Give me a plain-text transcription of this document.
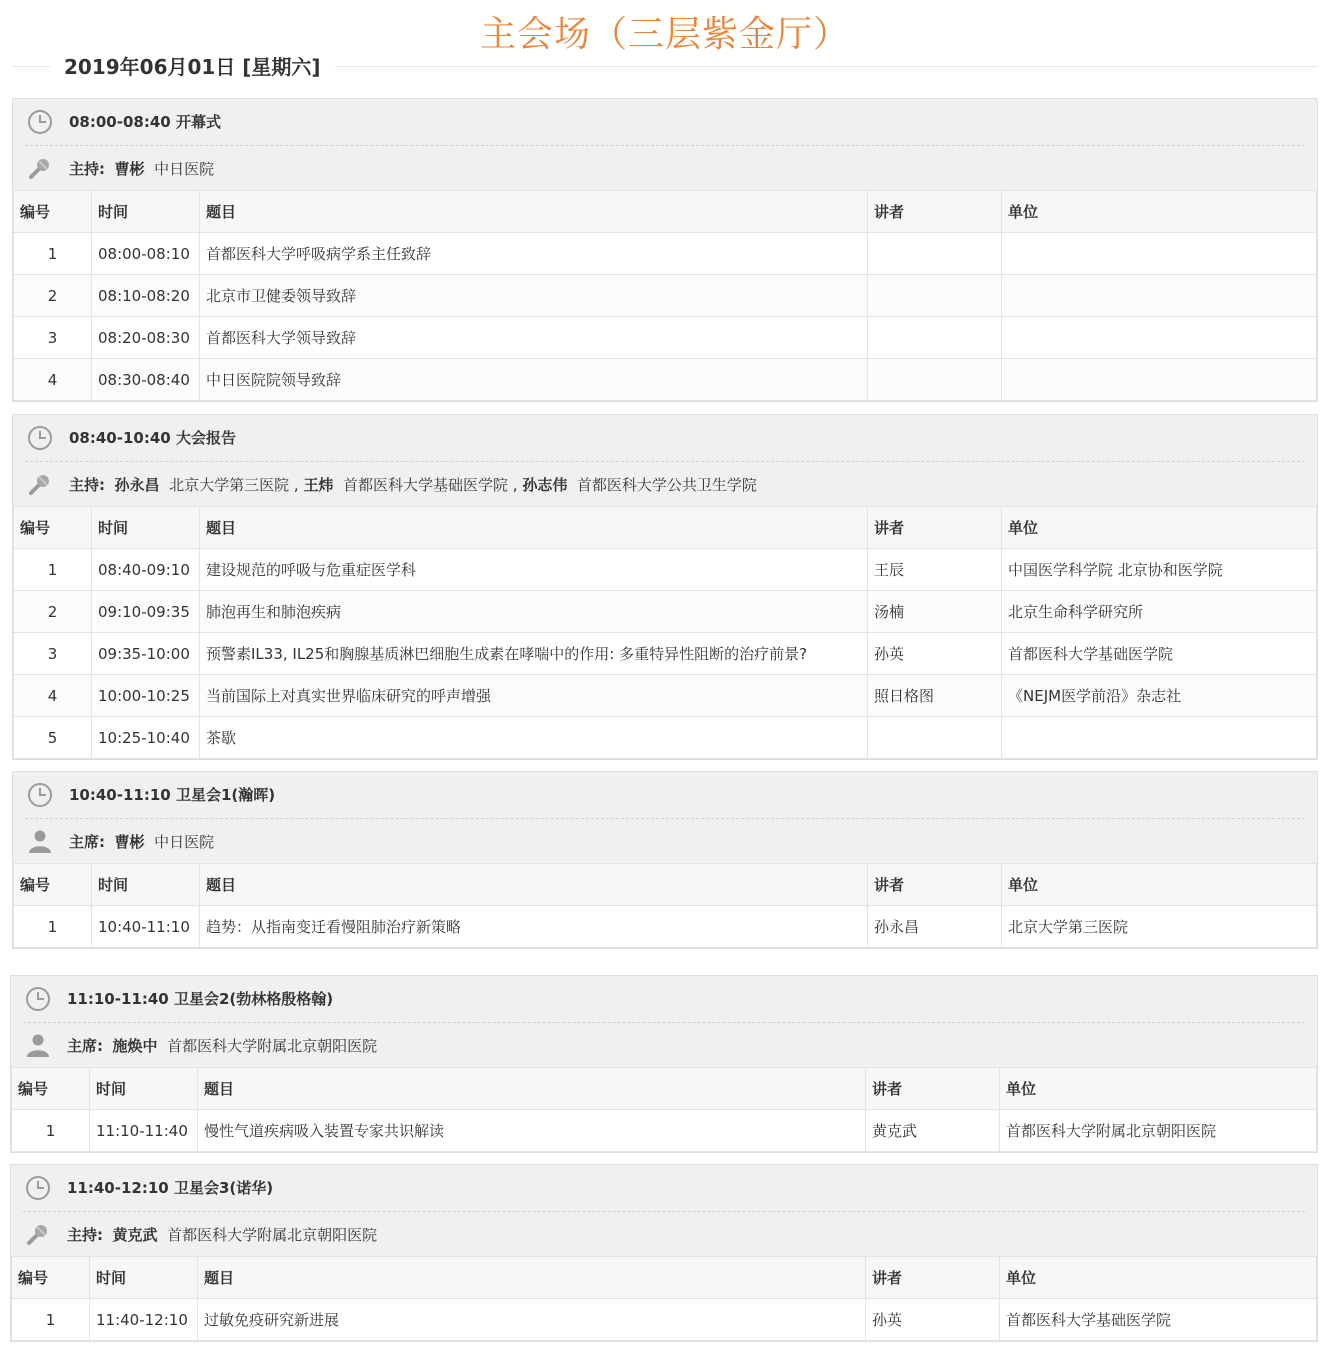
主会场（三层紫金厅）
2019年06月01日 [星期六]
08:00-08:40 开幕式
主持: 曹彬 中日医院
编号	时间	题目	讲者	单位
1	08:00-08:10	首都医科大学呼吸病学系主任致辞		
2	08:10-08:20	北京市卫健委领导致辞		
3	08:20-08:30	首都医科大学领导致辞		
4	08:30-08:40	中日医院院领导致辞		
08:40-10:40 大会报告
主持: 孙永昌 北京大学第三医院 , 王炜 首都医科大学基础医学院 , 孙志伟 首都医科大学公共卫生学院
编号	时间	题目	讲者	单位
1	08:40-09:10	建设规范的呼吸与危重症医学科	王辰	中国医学科学院 北京协和医学院
2	09:10-09:35	肺泡再生和肺泡疾病	汤楠	北京生命科学研究所
3	09:35-10:00	预警素IL33, IL25和胸腺基质淋巴细胞生成素在哮喘中的作用: 多重特异性阻断的治疗前景?	孙英	首都医科大学基础医学院
4	10:00-10:25	当前国际上对真实世界临床研究的呼声增强	照日格图	《NEJM医学前沿》杂志社
5	10:25-10:40	茶歇		
10:40-11:10 卫星会1(瀚晖)
主席: 曹彬 中日医院
编号	时间	题目	讲者	单位
1	10:40-11:10	趋势：从指南变迁看慢阻肺治疗新策略	孙永昌	北京大学第三医院
11:10-11:40 卫星会2(勃林格殷格翰)
主席: 施焕中 首都医科大学附属北京朝阳医院
编号	时间	题目	讲者	单位
1	11:10-11:40	慢性气道疾病吸入装置专家共识解读	黄克武	首都医科大学附属北京朝阳医院
11:40-12:10 卫星会3(诺华)
主持: 黄克武 首都医科大学附属北京朝阳医院
编号	时间	题目	讲者	单位
1	11:40-12:10	过敏免疫研究新进展	孙英	首都医科大学基础医学院
